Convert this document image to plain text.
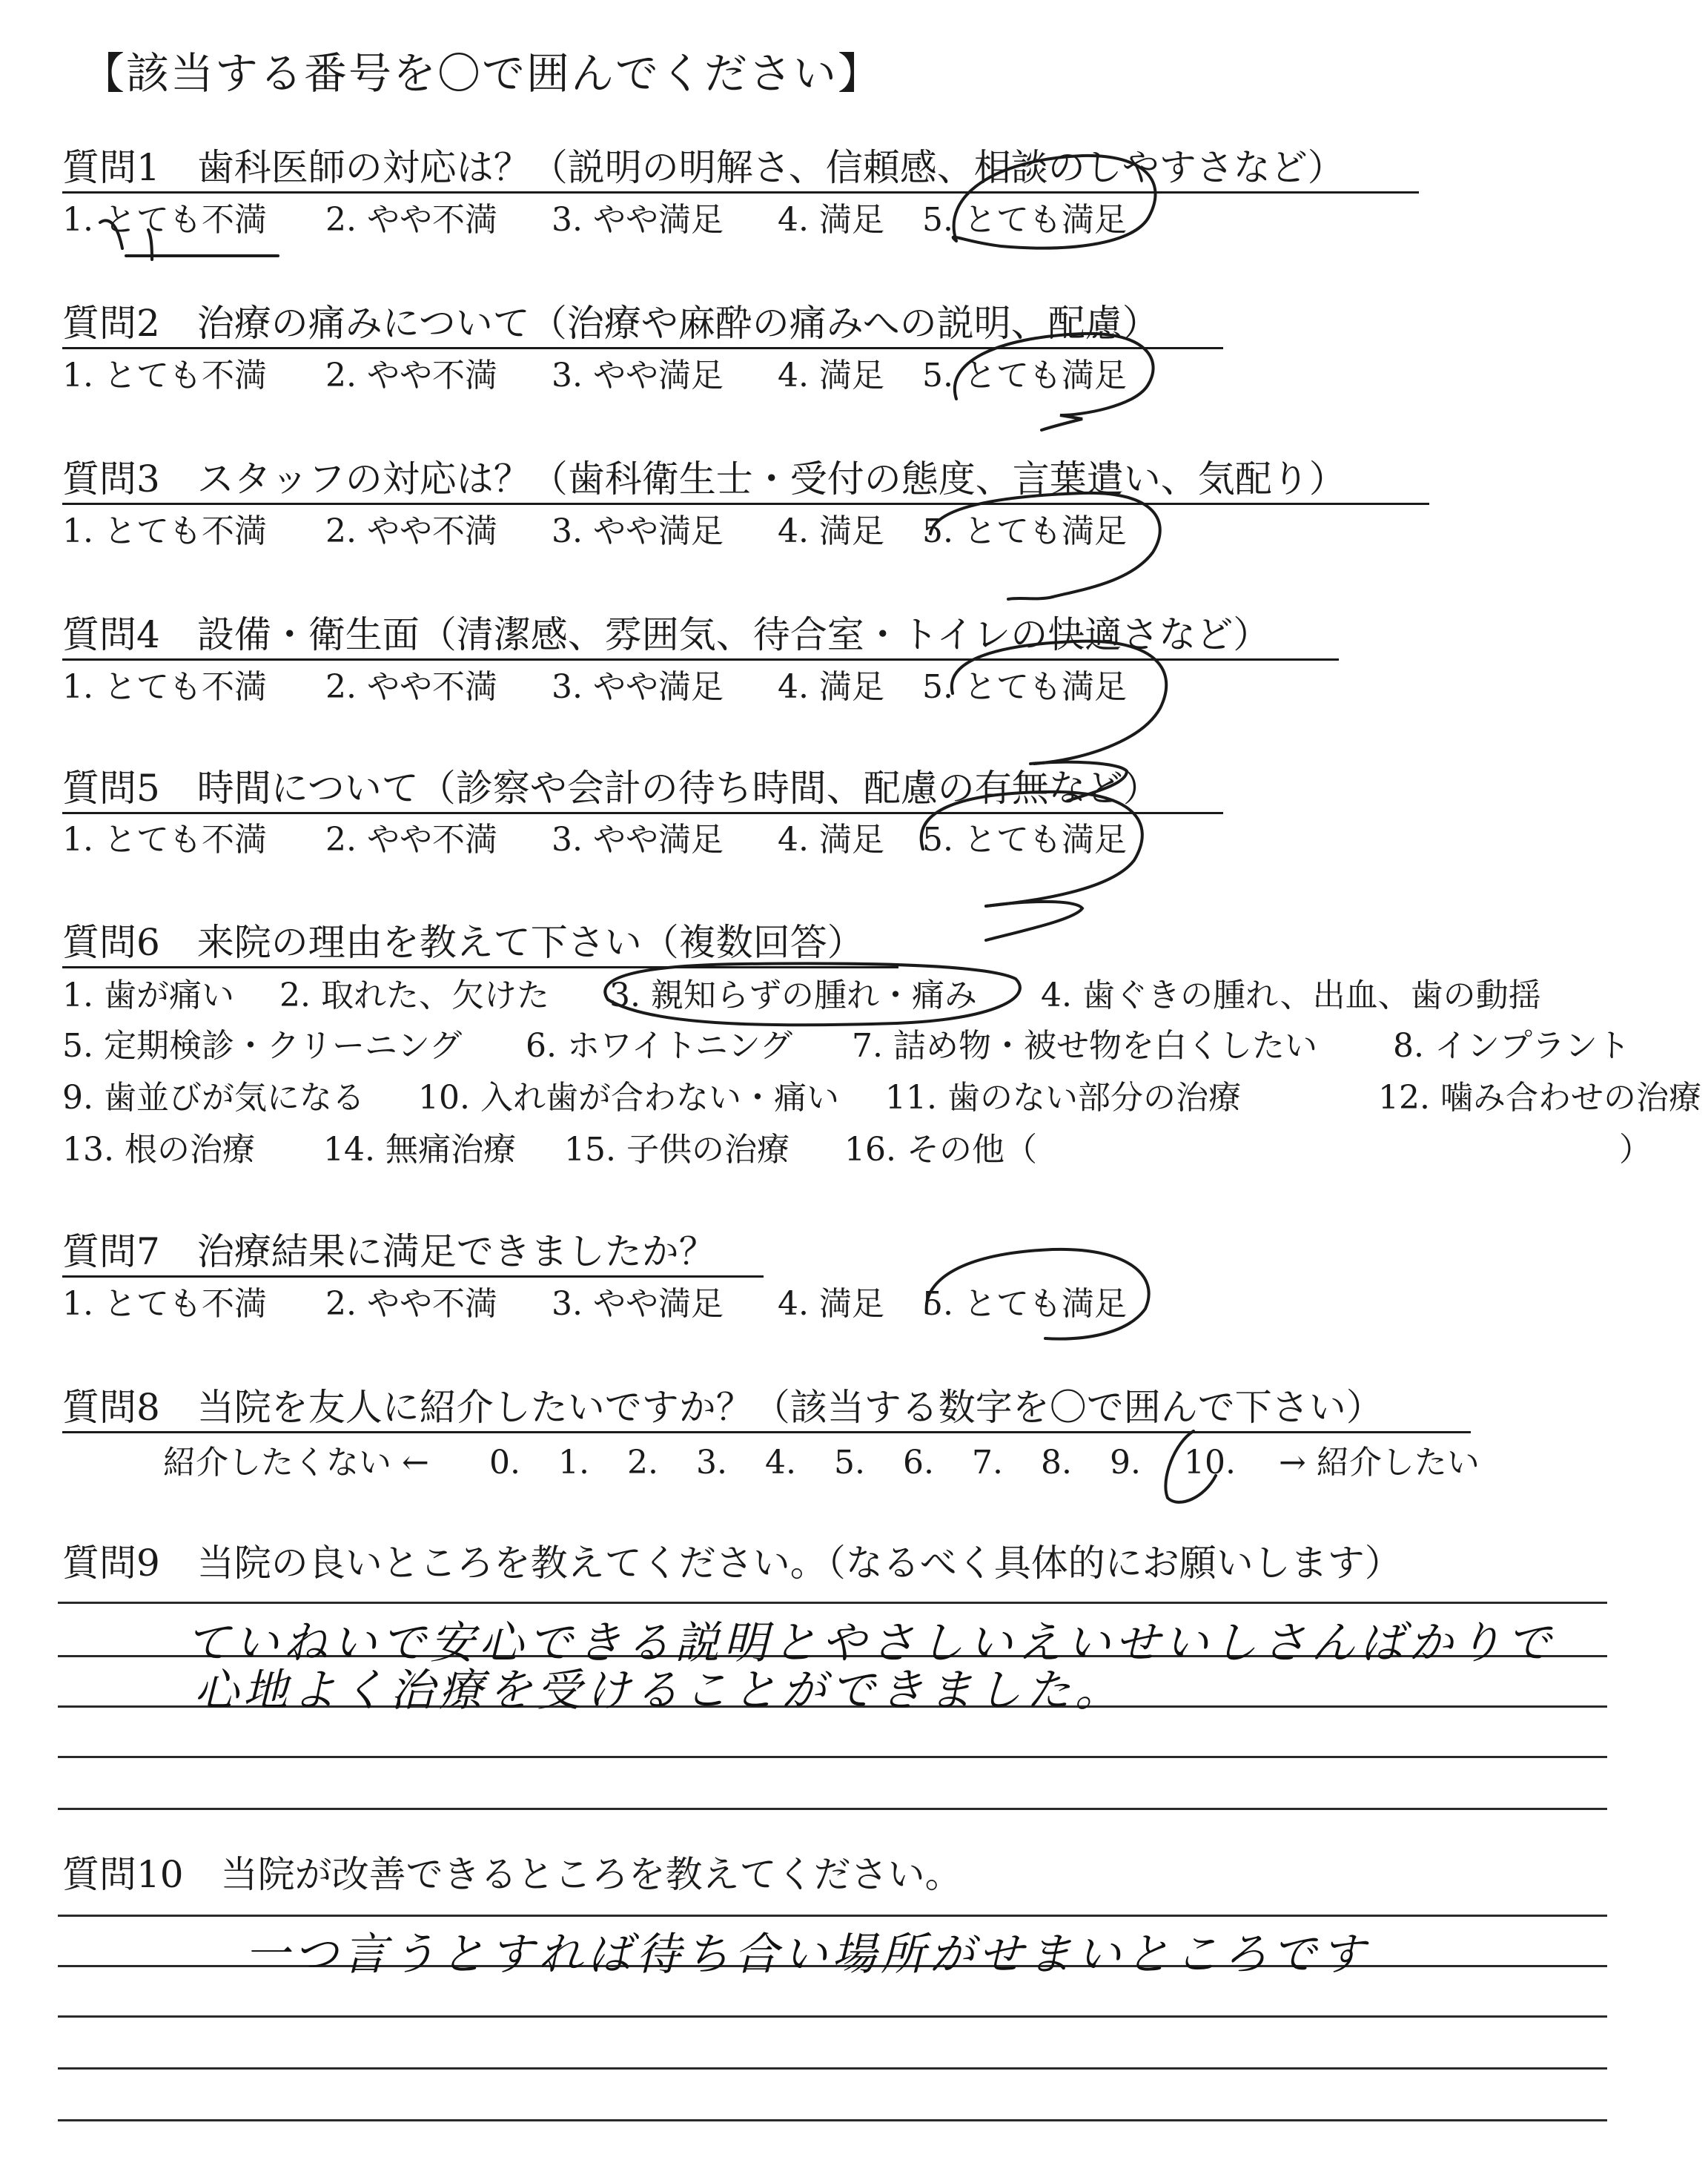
【該当する番号を〇で囲んでください】
質問1　歯科医師の対応は？（説明の明解さ、信頼感、相談のしやすさなど）
1. とても不満	2. やや不満	3. やや満足	4. 満足	5. とても満足
質問2　治療の痛みについて（治療や麻酔の痛みへの説明、配慮）
1. とても不満	2. やや不満	3. やや満足	4. 満足	5. とても満足
質問3　スタッフの対応は？（歯科衛生士・受付の態度、言葉遣い、気配り）
1. とても不満	2. やや不満	3. やや満足	4. 満足	5. とても満足
質問4　設備・衛生面（清潔感、雰囲気、待合室・トイレの快適さなど）
1. とても不満	2. やや不満	3. やや満足	4. 満足	5. とても満足
質問5　時間について（診察や会計の待ち時間、配慮の有無など）
1. とても不満	2. やや不満	3. やや満足	4. 満足	5. とても満足
質問6　来院の理由を教えて下さい（複数回答）
1. 歯が痛い	2. 取れた、欠けた	3. 親知らずの腫れ・痛み	4. 歯ぐきの腫れ、出血、歯の動揺
5. 定期検診・クリーニング	6. ホワイトニング	7. 詰め物・被せ物を白くしたい	8. インプラント
9. 歯並びが気になる	10. 入れ歯が合わない・痛い	11. 歯のない部分の治療	12. 噛み合わせの治療
13. 根の治療	14. 無痛治療	15. 子供の治療	16. その他（	）
質問7　治療結果に満足できましたか？
1. とても不満	2. やや不満	3. やや満足	4. 満足	5. とても満足
質問8　当院を友人に紹介したいですか？（該当する数字を〇で囲んで下さい）
紹介したくない ←	0.	1.	2.	3.	4.	5.	6.	7.	8.	9.	10.	→ 紹介したい
質問9　当院の良いところを教えてください。（なるべく具体的にお願いします）
ていねいで安心できる説明とやさしいえいせいしさんばかりで
心地よく治療を受けることができました。
質問10　当院が改善できるところを教えてください。
一つ言うとすれば待ち合い場所がせまいところです
